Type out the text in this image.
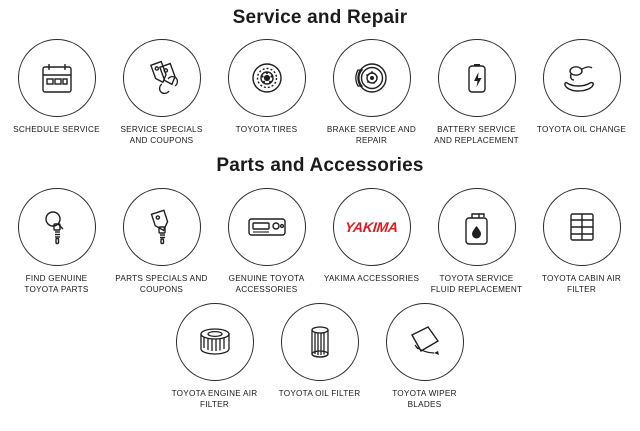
Service and Repair
SCHEDULE SERVICE	SERVICE SPECIALS AND COUPONS
TOYOTA TIRES	BRAKE SERVICE AND REPAIR
BATTERY SERVICE AND REPLACEMENT
TOYOTA OIL CHANGE
Parts and Accessories
FIND GENUINE TOYOTA PARTS
PARTS SPECIALS AND COUPONS
GENUINE TOYOTA ACCESSORIES
YAKIMA
YAKIMA ACCESSORIES	TOYOTA SERVICE FLUID REPLACEMENT
TOYOTA CABIN AIR FILTER
TOYOTA ENGINE AIR FILTER
TOYOTA OIL FILTER	TOYOTA WIPER BLADES
